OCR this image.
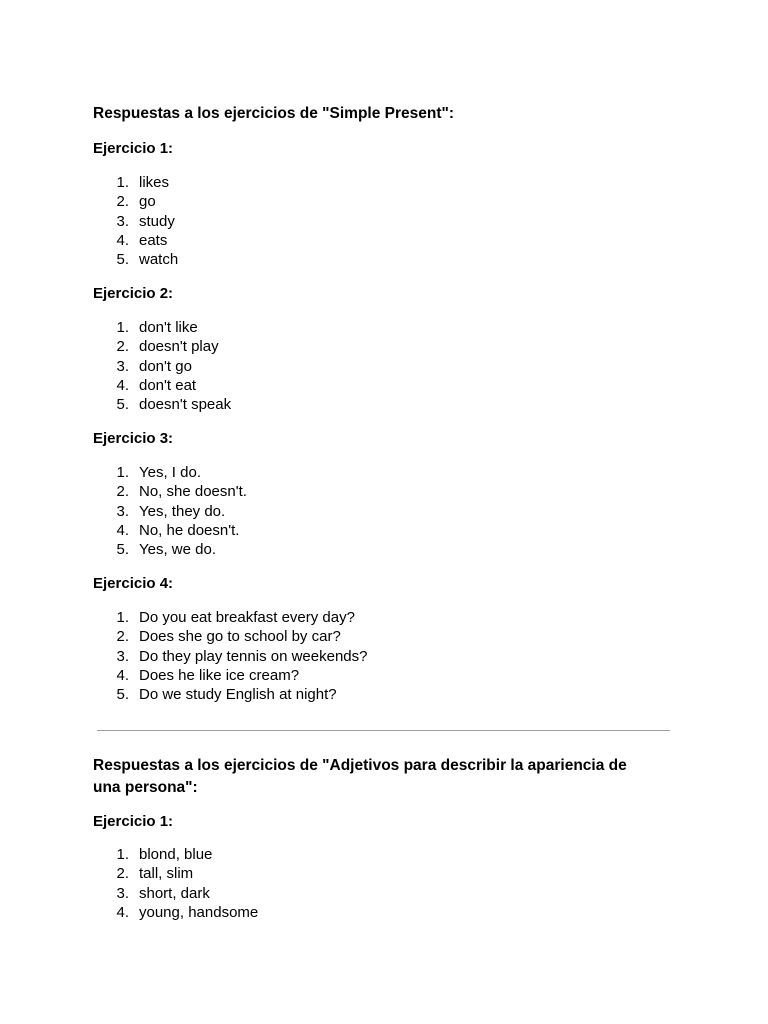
Respuestas a los ejercicios de "Simple Present":

Ejercicio 1:

1. likes
2. go
3. study
4. eats
5. watch

Ejercicio 2:

1. don't like
2. doesn't play
3. don't go
4. don't eat
5. doesn't speak

Ejercicio 3:

1. Yes, I do.
2. No, she doesn't.
3. Yes, they do.
4. No, he doesn't.
5. Yes, we do.

Ejercicio 4:

1. Do you eat breakfast every day?
2. Does she go to school by car?
3. Do they play tennis on weekends?
4. Does he like ice cream?
5. Do we study English at night?

Respuestas a los ejercicios de "Adjetivos para describir la apariencia de

una persona":

Ejercicio 1:

1. blond, blue
2. tall, slim
3. short, dark
4. young, handsome
